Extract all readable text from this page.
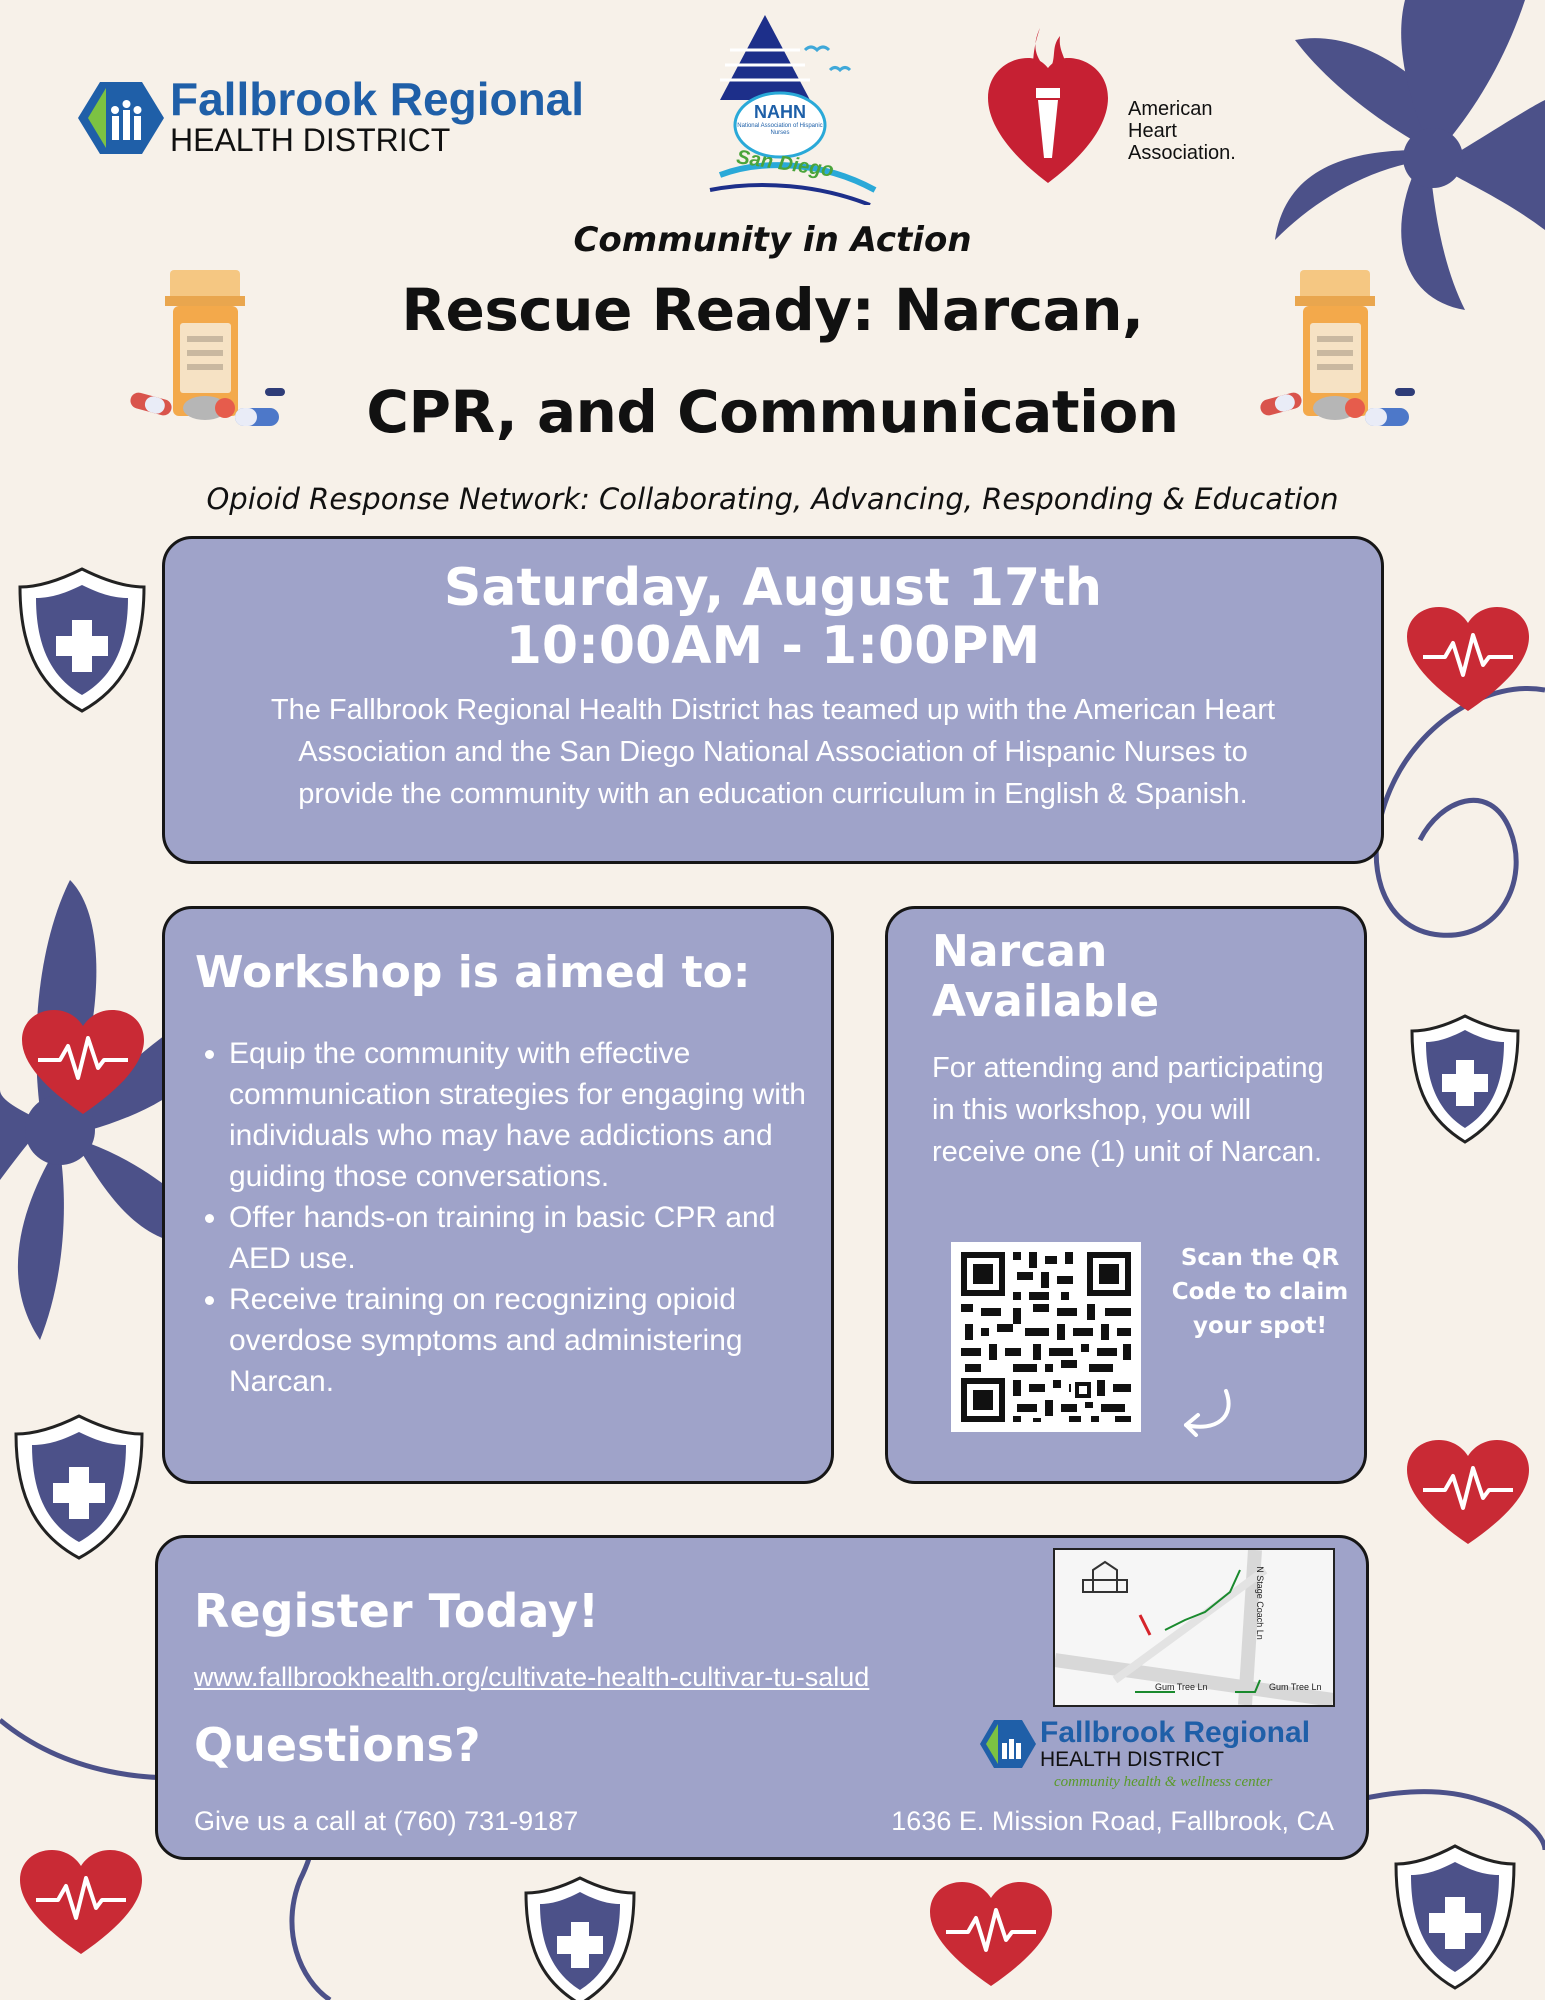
Fallbrook Regional
HEALTH DISTRICT
NAHN
National Association of Hispanic Nurses
San Diego
American
Heart
Association.
Community in Action
Rescue Ready: Narcan,
CPR, and Communication
Opioid Response Network: Collaborating, Advancing, Responding & Education
Saturday, August 17th
10:00AM - 1:00PM
The Fallbrook Regional Health District has teamed up with the American Heart Association and the San Diego National Association of Hispanic Nurses to provide the community with an education curriculum in English & Spanish.
Workshop is aimed to:
• Equip the community with effective communication strategies for engaging with individuals who may have addictions and guiding those conversations.
• Offer hands-on training in basic CPR and AED use.
• Receive training on recognizing opioid overdose symptoms and administering Narcan.
Narcan
Available
For attending and participating in this workshop, you will receive one (1) unit of Narcan.
Scan the QR Code to claim your spot!
Register Today!
www.fallbrookhealth.org/cultivate-health-cultivar-tu-salud
Questions?
Give us a call at (760) 731-9187	1636 E. Mission Road, Fallbrook, CA
Gum Tree Ln	Gum Tree Ln
N Stage Coach Ln
Fallbrook Regional
HEALTH DISTRICT
community health & wellness center
